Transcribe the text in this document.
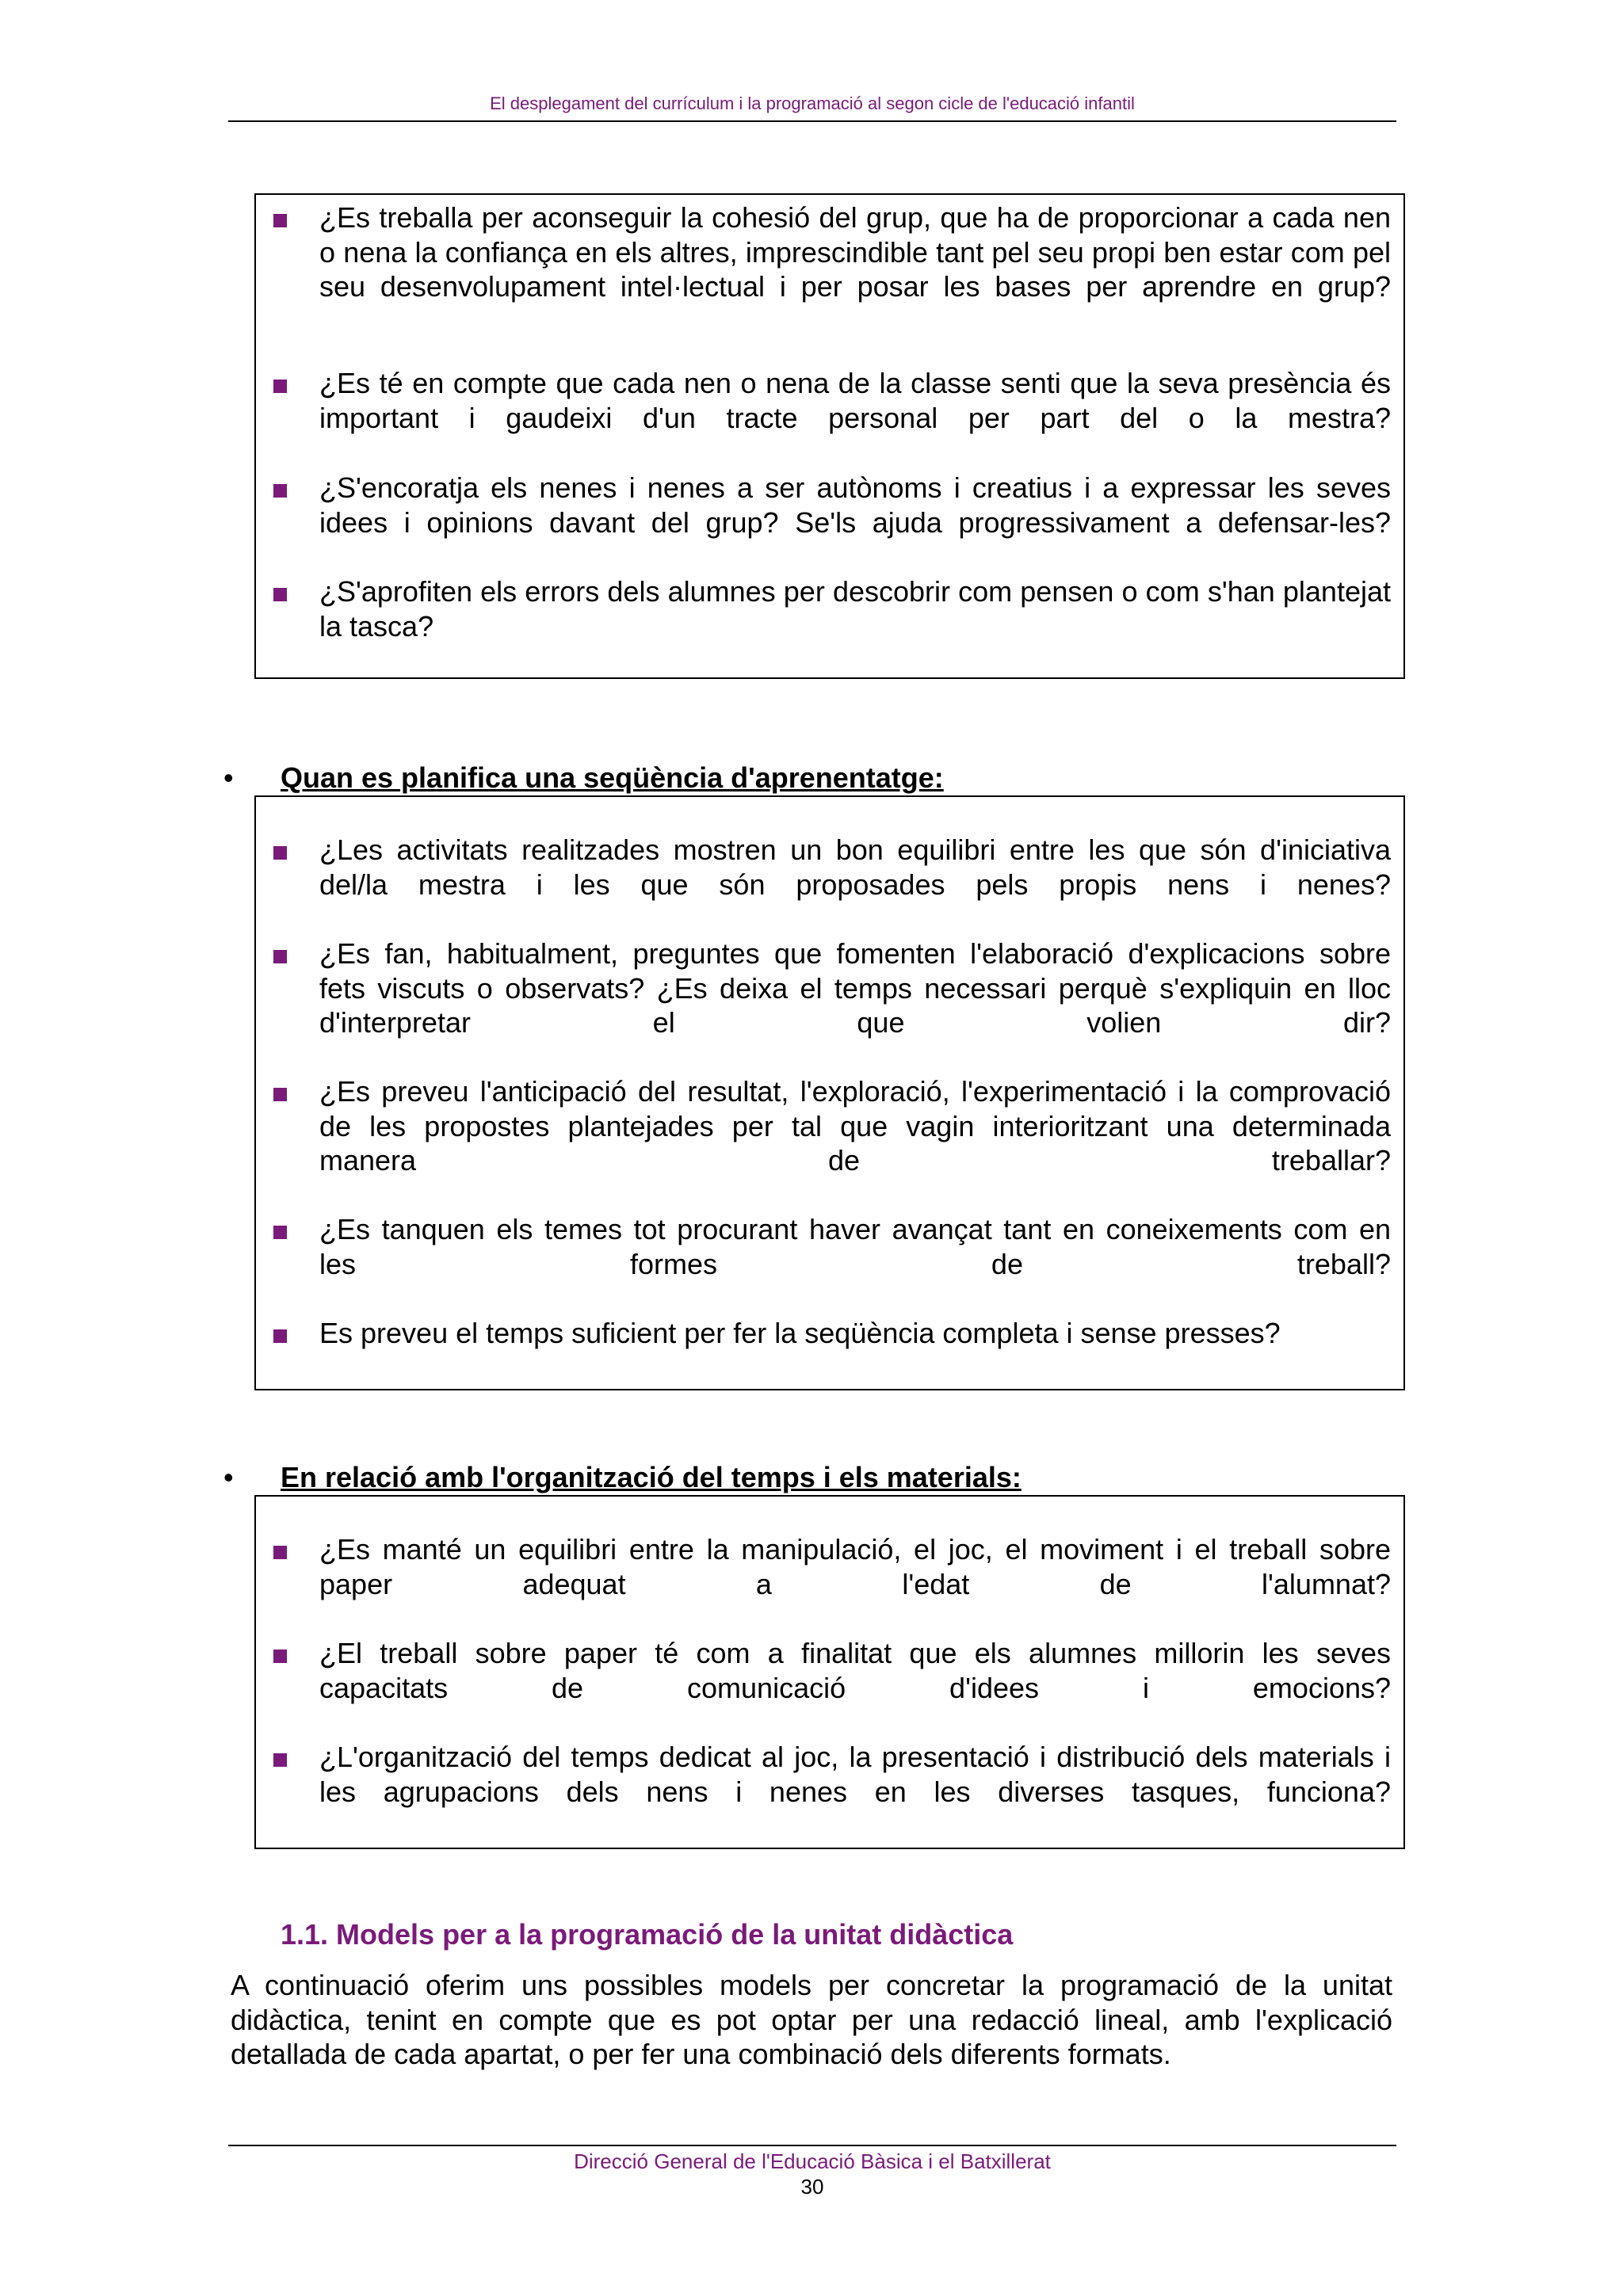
El desplegament del currículum i la programació al segon cicle de l'educació infantil
¿Es treballa per aconseguir la cohesió del grup, que ha de proporcionar a cada nen o nena la confiança en els altres, imprescindible tant pel seu propi ben estar com pel seu desenvolupament intel·lectual i per posar les bases per aprendre en grup?
¿Es té en compte que cada nen o nena de la classe senti que la seva presència és important i gaudeixi d'un tracte personal per part del o la mestra?
¿S'encoratja els nenes i nenes a ser autònoms i creatius i a expressar les seves idees i opinions davant del grup? Se'ls ajuda progressivament a defensar-les?
¿S'aprofiten els errors dels alumnes per descobrir com pensen o com s'han plantejat la tasca?
• Quan es planifica una seqüència d'aprenentatge:
¿Les activitats realitzades mostren un bon equilibri entre les que són d'iniciativa del/la mestra i les que són proposades pels propis nens i nenes?
¿Es fan, habitualment, preguntes que fomenten l'elaboració d'explicacions sobre fets viscuts o observats? ¿Es deixa el temps necessari perquè s'expliquin en lloc d'interpretar el que volien dir?
¿Es preveu l'anticipació del resultat, l'exploració, l'experimentació i la comprovació de les propostes plantejades per tal que vagin interioritzant una determinada manera de treballar?
¿Es tanquen els temes tot procurant haver avançat tant en coneixements com en les formes de treball?
Es preveu el temps suficient per fer la seqüència completa i sense presses?
• En relació amb l'organització del temps i els materials:
¿Es manté un equilibri entre la manipulació, el joc, el moviment i el treball sobre paper adequat a l'edat de l'alumnat?
¿El treball sobre paper té com a finalitat que els alumnes millorin les seves capacitats de comunicació d'idees i emocions?
¿L'organització del temps dedicat al joc, la presentació i distribució dels materials i les agrupacions dels nens i nenes en les diverses tasques, funciona?
1.1. Models per a la programació de la unitat didàctica
A continuació oferim uns possibles models per concretar la programació de la unitat didàctica, tenint en compte que es pot optar per una redacció lineal, amb l'explicació detallada de cada apartat, o per fer una combinació dels diferents formats.
Direcció General de l'Educació Bàsica i el Batxillerat
30
